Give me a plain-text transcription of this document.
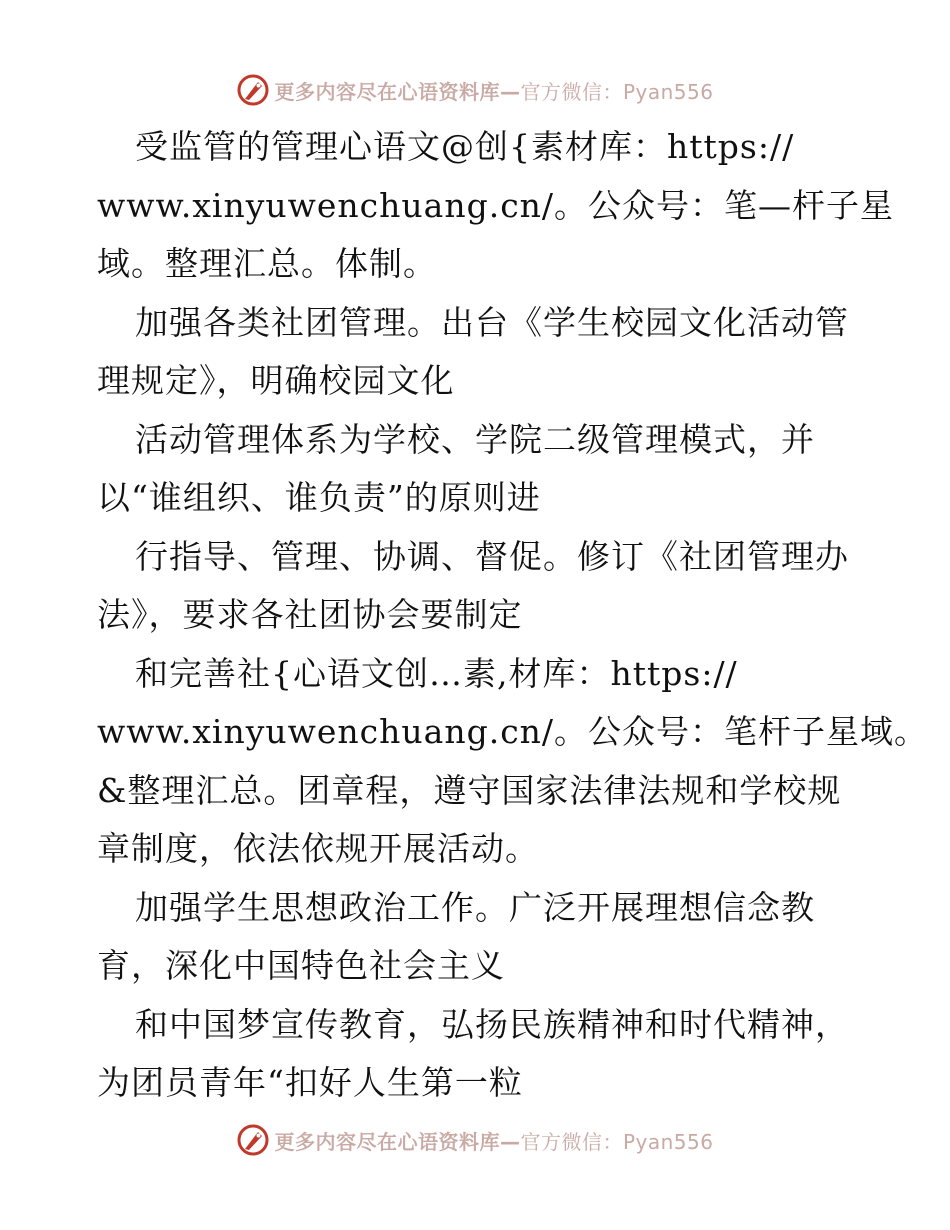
更多内容尽在心语资料库—官方微信：Pyan556
受监管的管理心语文@创{素材库：https://
www.xinyuwenchuang.cn/。公众号：笔—杆子星
域。整理汇总。体制。
加强各类社团管理。出台《学生校园文化活动管
理规定》，明确校园文化
活动管理体系为学校、学院二级管理模式，并
以“谁组织、谁负责”的原则进
行指导、管理、协调、督促。修订《社团管理办
法》，要求各社团协会要制定
和完善社{心语文创…素,材库：https://
www.xinyuwenchuang.cn/。公众号：笔杆子星域。
&整理汇总。团章程，遵守国家法律法规和学校规
章制度，依法依规开展活动。
加强学生思想政治工作。广泛开展理想信念教
育，深化中国特色社会主义
和中国梦宣传教育，弘扬民族精神和时代精神，
为团员青年“扣好人生第一粒
更多内容尽在心语资料库—官方微信：Pyan556
